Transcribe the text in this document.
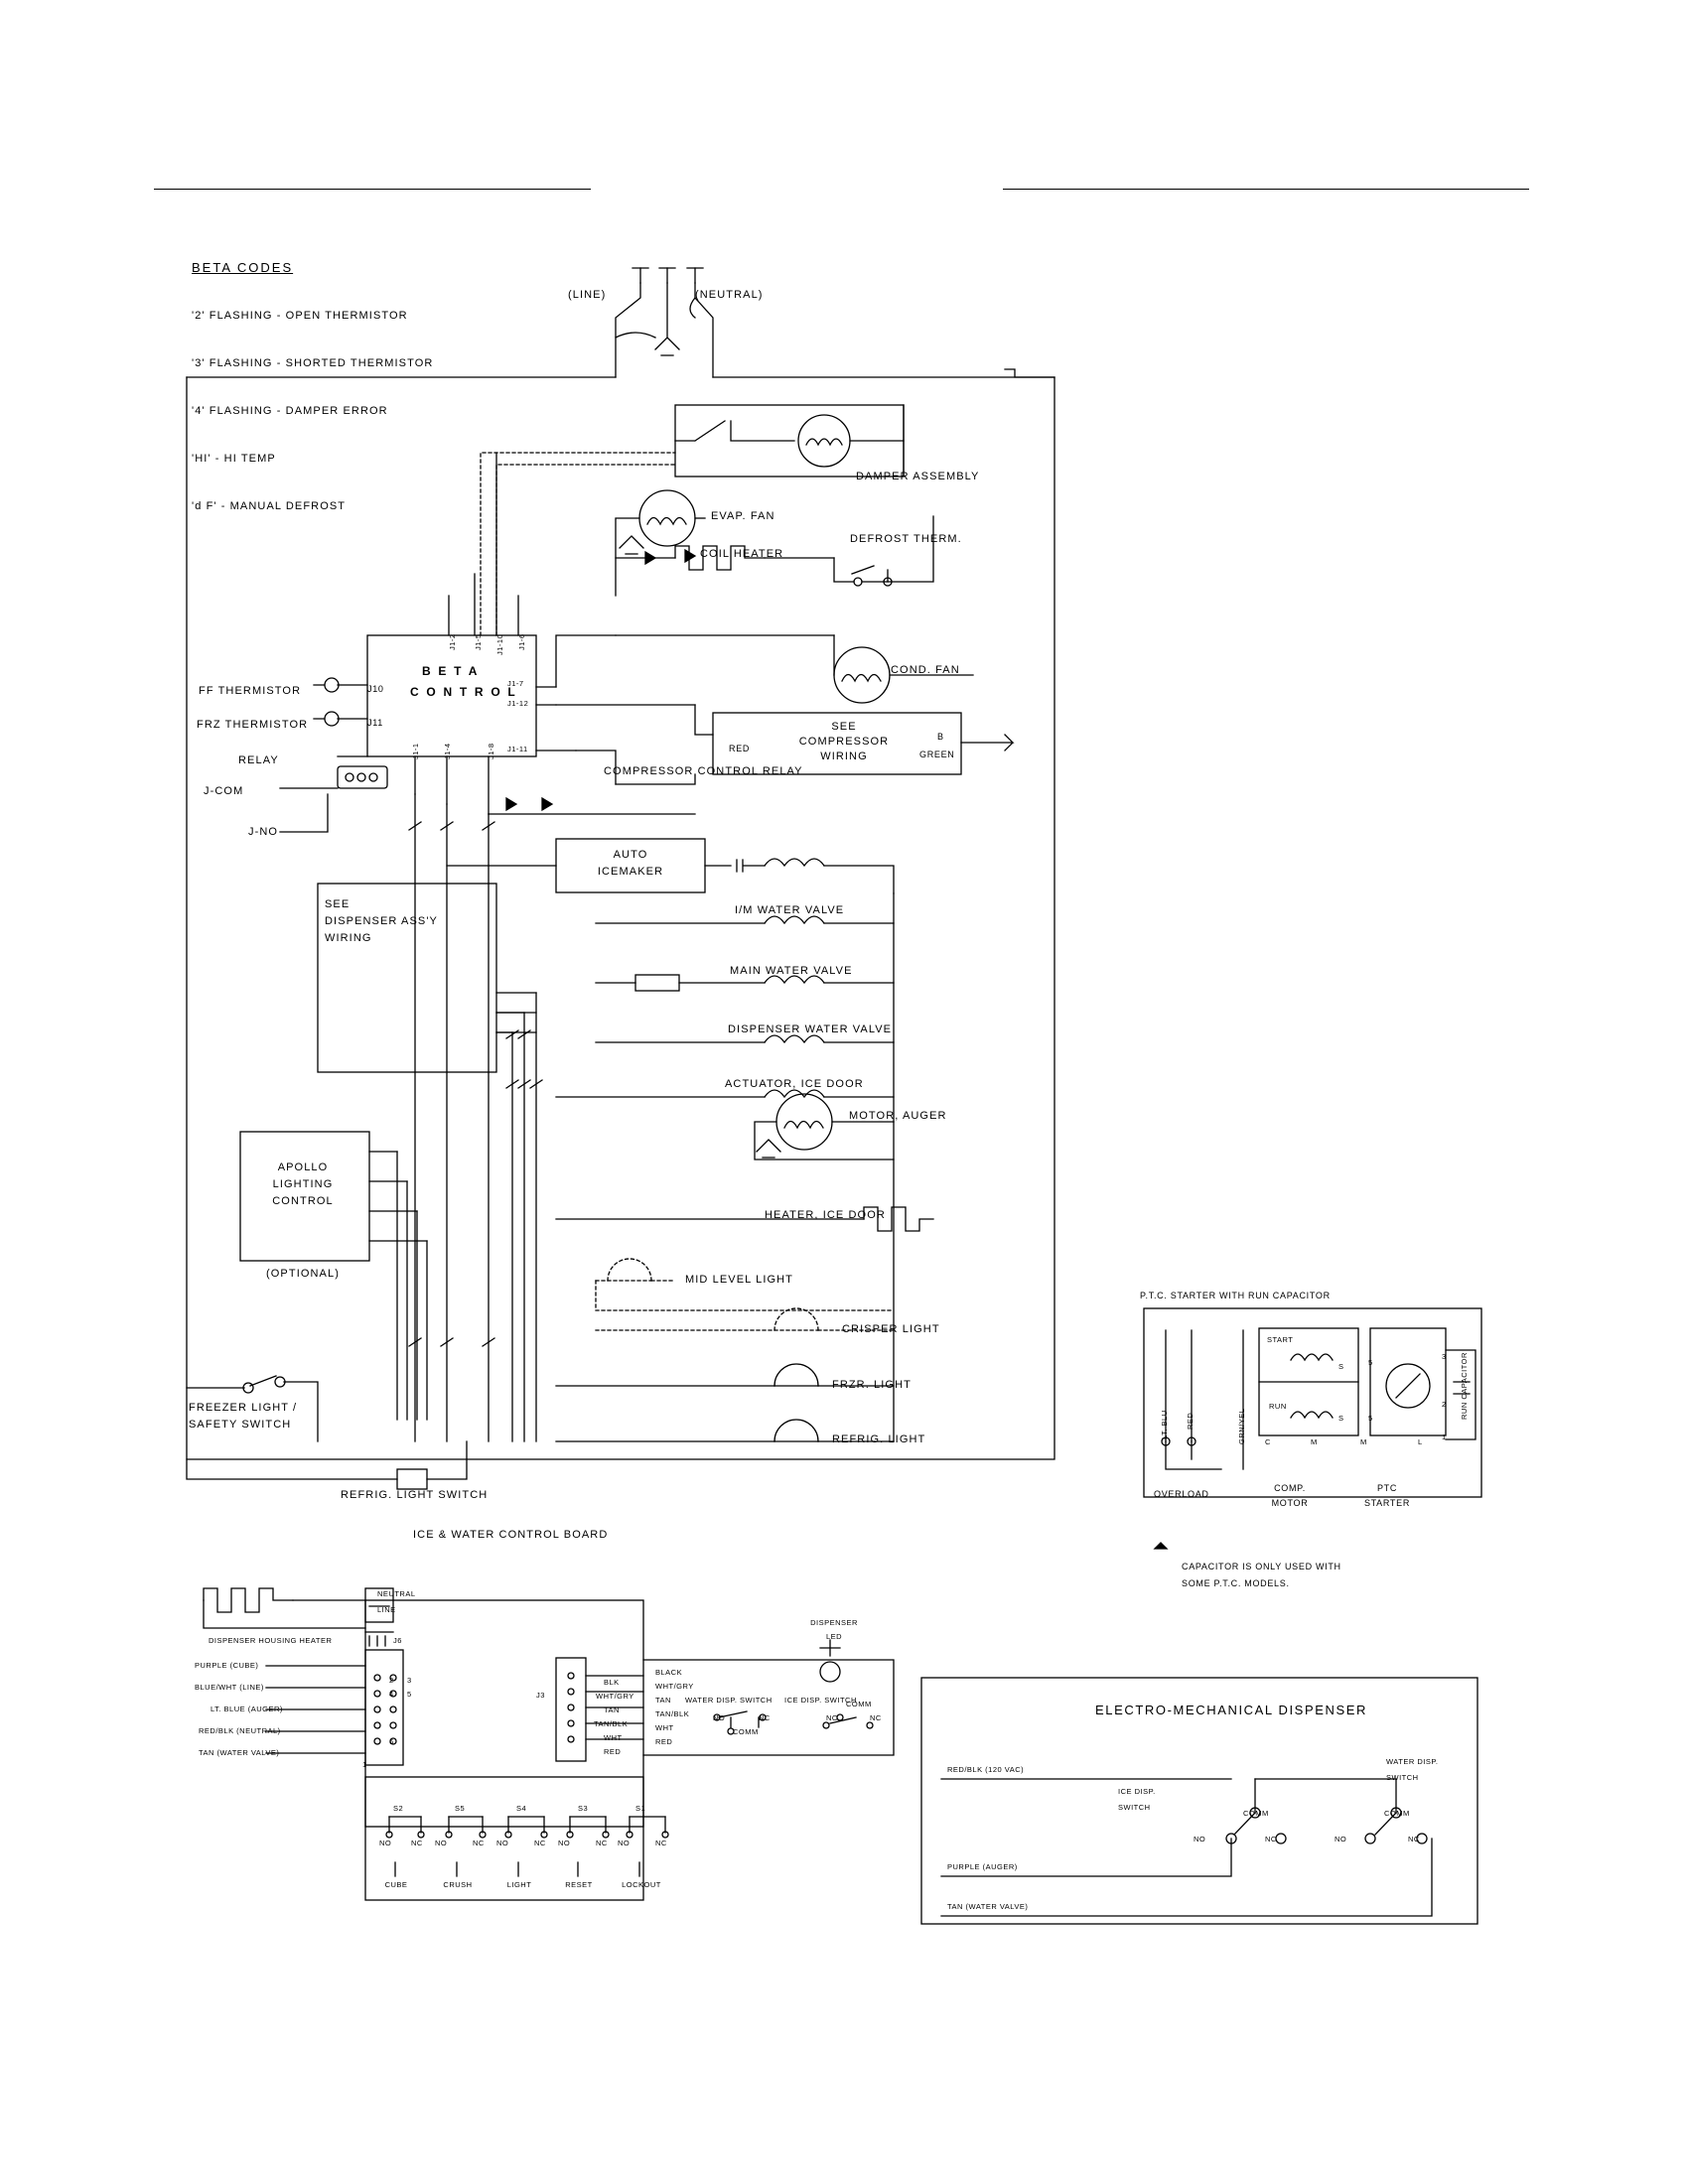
BETA CODES

'2' FLASHING - OPEN THERMISTOR

'3' FLASHING - SHORTED THERMISTOR

'4' FLASHING - DAMPER ERROR

'HI' - HI TEMP

'd F' - MANUAL DEFROST

(LINE)	(NEUTRAL)
B E T A
C O N T R O L
FF THERMISTOR
FRZ THERMISTOR
J10
J11
RELAY
J-COM
J-NO
J1-2 J1-5 J1-10 J1-6
J1-7
J1-12
J1-11
J1-1	J1-4	J1-8
DAMPER ASSEMBLY
EVAP. FAN
COIL HEATER
DEFROST THERM.
COND. FAN
COMPRESSOR CONTROL RELAY
SEE
COMPRESSOR
WIRING
RED
B
GREEN
AUTO
ICEMAKER
I/M WATER VALVE
MAIN WATER VALVE
DISPENSER WATER VALVE
ACTUATOR, ICE DOOR
MOTOR, AUGER
HEATER, ICE DOOR
MID LEVEL LIGHT
CRISPER LIGHT
FRZR. LIGHT
REFRIG. LIGHT
SEE
DISPENSER ASS'Y
WIRING
APOLLO
LIGHTING
CONTROL
(OPTIONAL)
FREEZER LIGHT /
SAFETY SWITCH
REFRIG. LIGHT SWITCH
P.T.C. STARTER WITH RUN CAPACITOR
LT. BLU RED	GRN/YEL
START
RUN
S
S
C	M	M	L
5
3
5
2
1
OVERLOAD
COMP.
MOTOR
PTC
STARTER
RUN CAPACITOR
CAPACITOR IS ONLY USED WITH
SOME P.T.C. MODELS.
ICE & WATER CONTROL BOARD
DISPENSER HOUSING HEATER
NEUTRAL
LINE
J6
J3
PURPLE (CUBE)
BLUE/WHT (LINE)
LT. BLUE (AUGER)
RED/BLK (NEUTRAL)
TAN (WATER VALVE)
2
4
6
1
3
5
BLK
WHT/GRY
TAN
TAN/BLK
WHT
RED
BLACK
WHT/GRY
TAN
TAN/BLK
WHT
RED
WATER DISP. SWITCH
NO	NC
COMM
ICE DISP. SWITCH
NO	NC
COMM
DISPENSER
LED
S2	S5	S4	S3	S1
NO	NC NO	NC NO	NC NO	NC NO	NC
CUBE	CRUSH	LIGHT	RESET	LOCKOUT
ELECTRO-MECHANICAL DISPENSER
RED/BLK (120 VAC)
PURPLE (AUGER)
TAN (WATER VALVE)
ICE DISP.
SWITCH
WATER DISP.
SWITCH
NO
COMM
NC	NO
COMM
NC
